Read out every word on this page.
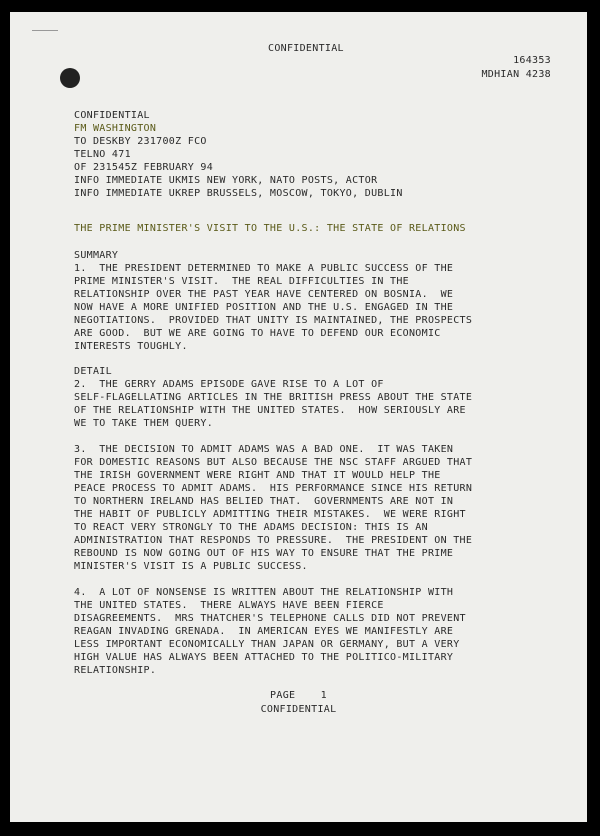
CONFIDENTIAL
164353
MDHIAN 4238
CONFIDENTIAL
FM WASHINGTON
TO DESKBY 231700Z FCO
TELNO 471
OF 231545Z FEBRUARY 94
INFO IMMEDIATE UKMIS NEW YORK, NATO POSTS, ACTOR
INFO IMMEDIATE UKREP BRUSSELS, MOSCOW, TOKYO, DUBLIN
THE PRIME MINISTER'S VISIT TO THE U.S.: THE STATE OF RELATIONS
SUMMARY
1.  THE PRESIDENT DETERMINED TO MAKE A PUBLIC SUCCESS OF THE
PRIME MINISTER'S VISIT.  THE REAL DIFFICULTIES IN THE
RELATIONSHIP OVER THE PAST YEAR HAVE CENTERED ON BOSNIA.  WE
NOW HAVE A MORE UNIFIED POSITION AND THE U.S. ENGAGED IN THE
NEGOTIATIONS.  PROVIDED THAT UNITY IS MAINTAINED, THE PROSPECTS
ARE GOOD.  BUT WE ARE GOING TO HAVE TO DEFEND OUR ECONOMIC
INTERESTS TOUGHLY.
DETAIL
2.  THE GERRY ADAMS EPISODE GAVE RISE TO A LOT OF
SELF-FLAGELLATING ARTICLES IN THE BRITISH PRESS ABOUT THE STATE
OF THE RELATIONSHIP WITH THE UNITED STATES.  HOW SERIOUSLY ARE
WE TO TAKE THEM QUERY.
3.  THE DECISION TO ADMIT ADAMS WAS A BAD ONE.  IT WAS TAKEN
FOR DOMESTIC REASONS BUT ALSO BECAUSE THE NSC STAFF ARGUED THAT
THE IRISH GOVERNMENT WERE RIGHT AND THAT IT WOULD HELP THE
PEACE PROCESS TO ADMIT ADAMS.  HIS PERFORMANCE SINCE HIS RETURN
TO NORTHERN IRELAND HAS BELIED THAT.  GOVERNMENTS ARE NOT IN
THE HABIT OF PUBLICLY ADMITTING THEIR MISTAKES.  WE WERE RIGHT
TO REACT VERY STRONGLY TO THE ADAMS DECISION: THIS IS AN
ADMINISTRATION THAT RESPONDS TO PRESSURE.  THE PRESIDENT ON THE
REBOUND IS NOW GOING OUT OF HIS WAY TO ENSURE THAT THE PRIME
MINISTER'S VISIT IS A PUBLIC SUCCESS.
4.  A LOT OF NONSENSE IS WRITTEN ABOUT THE RELATIONSHIP WITH
THE UNITED STATES.  THERE ALWAYS HAVE BEEN FIERCE
DISAGREEMENTS.  MRS THATCHER'S TELEPHONE CALLS DID NOT PREVENT
REAGAN INVADING GRENADA.  IN AMERICAN EYES WE MANIFESTLY ARE
LESS IMPORTANT ECONOMICALLY THAN JAPAN OR GERMANY, BUT A VERY
HIGH VALUE HAS ALWAYS BEEN ATTACHED TO THE POLITICO-MILITARY
RELATIONSHIP.
PAGE    1
CONFIDENTIAL
